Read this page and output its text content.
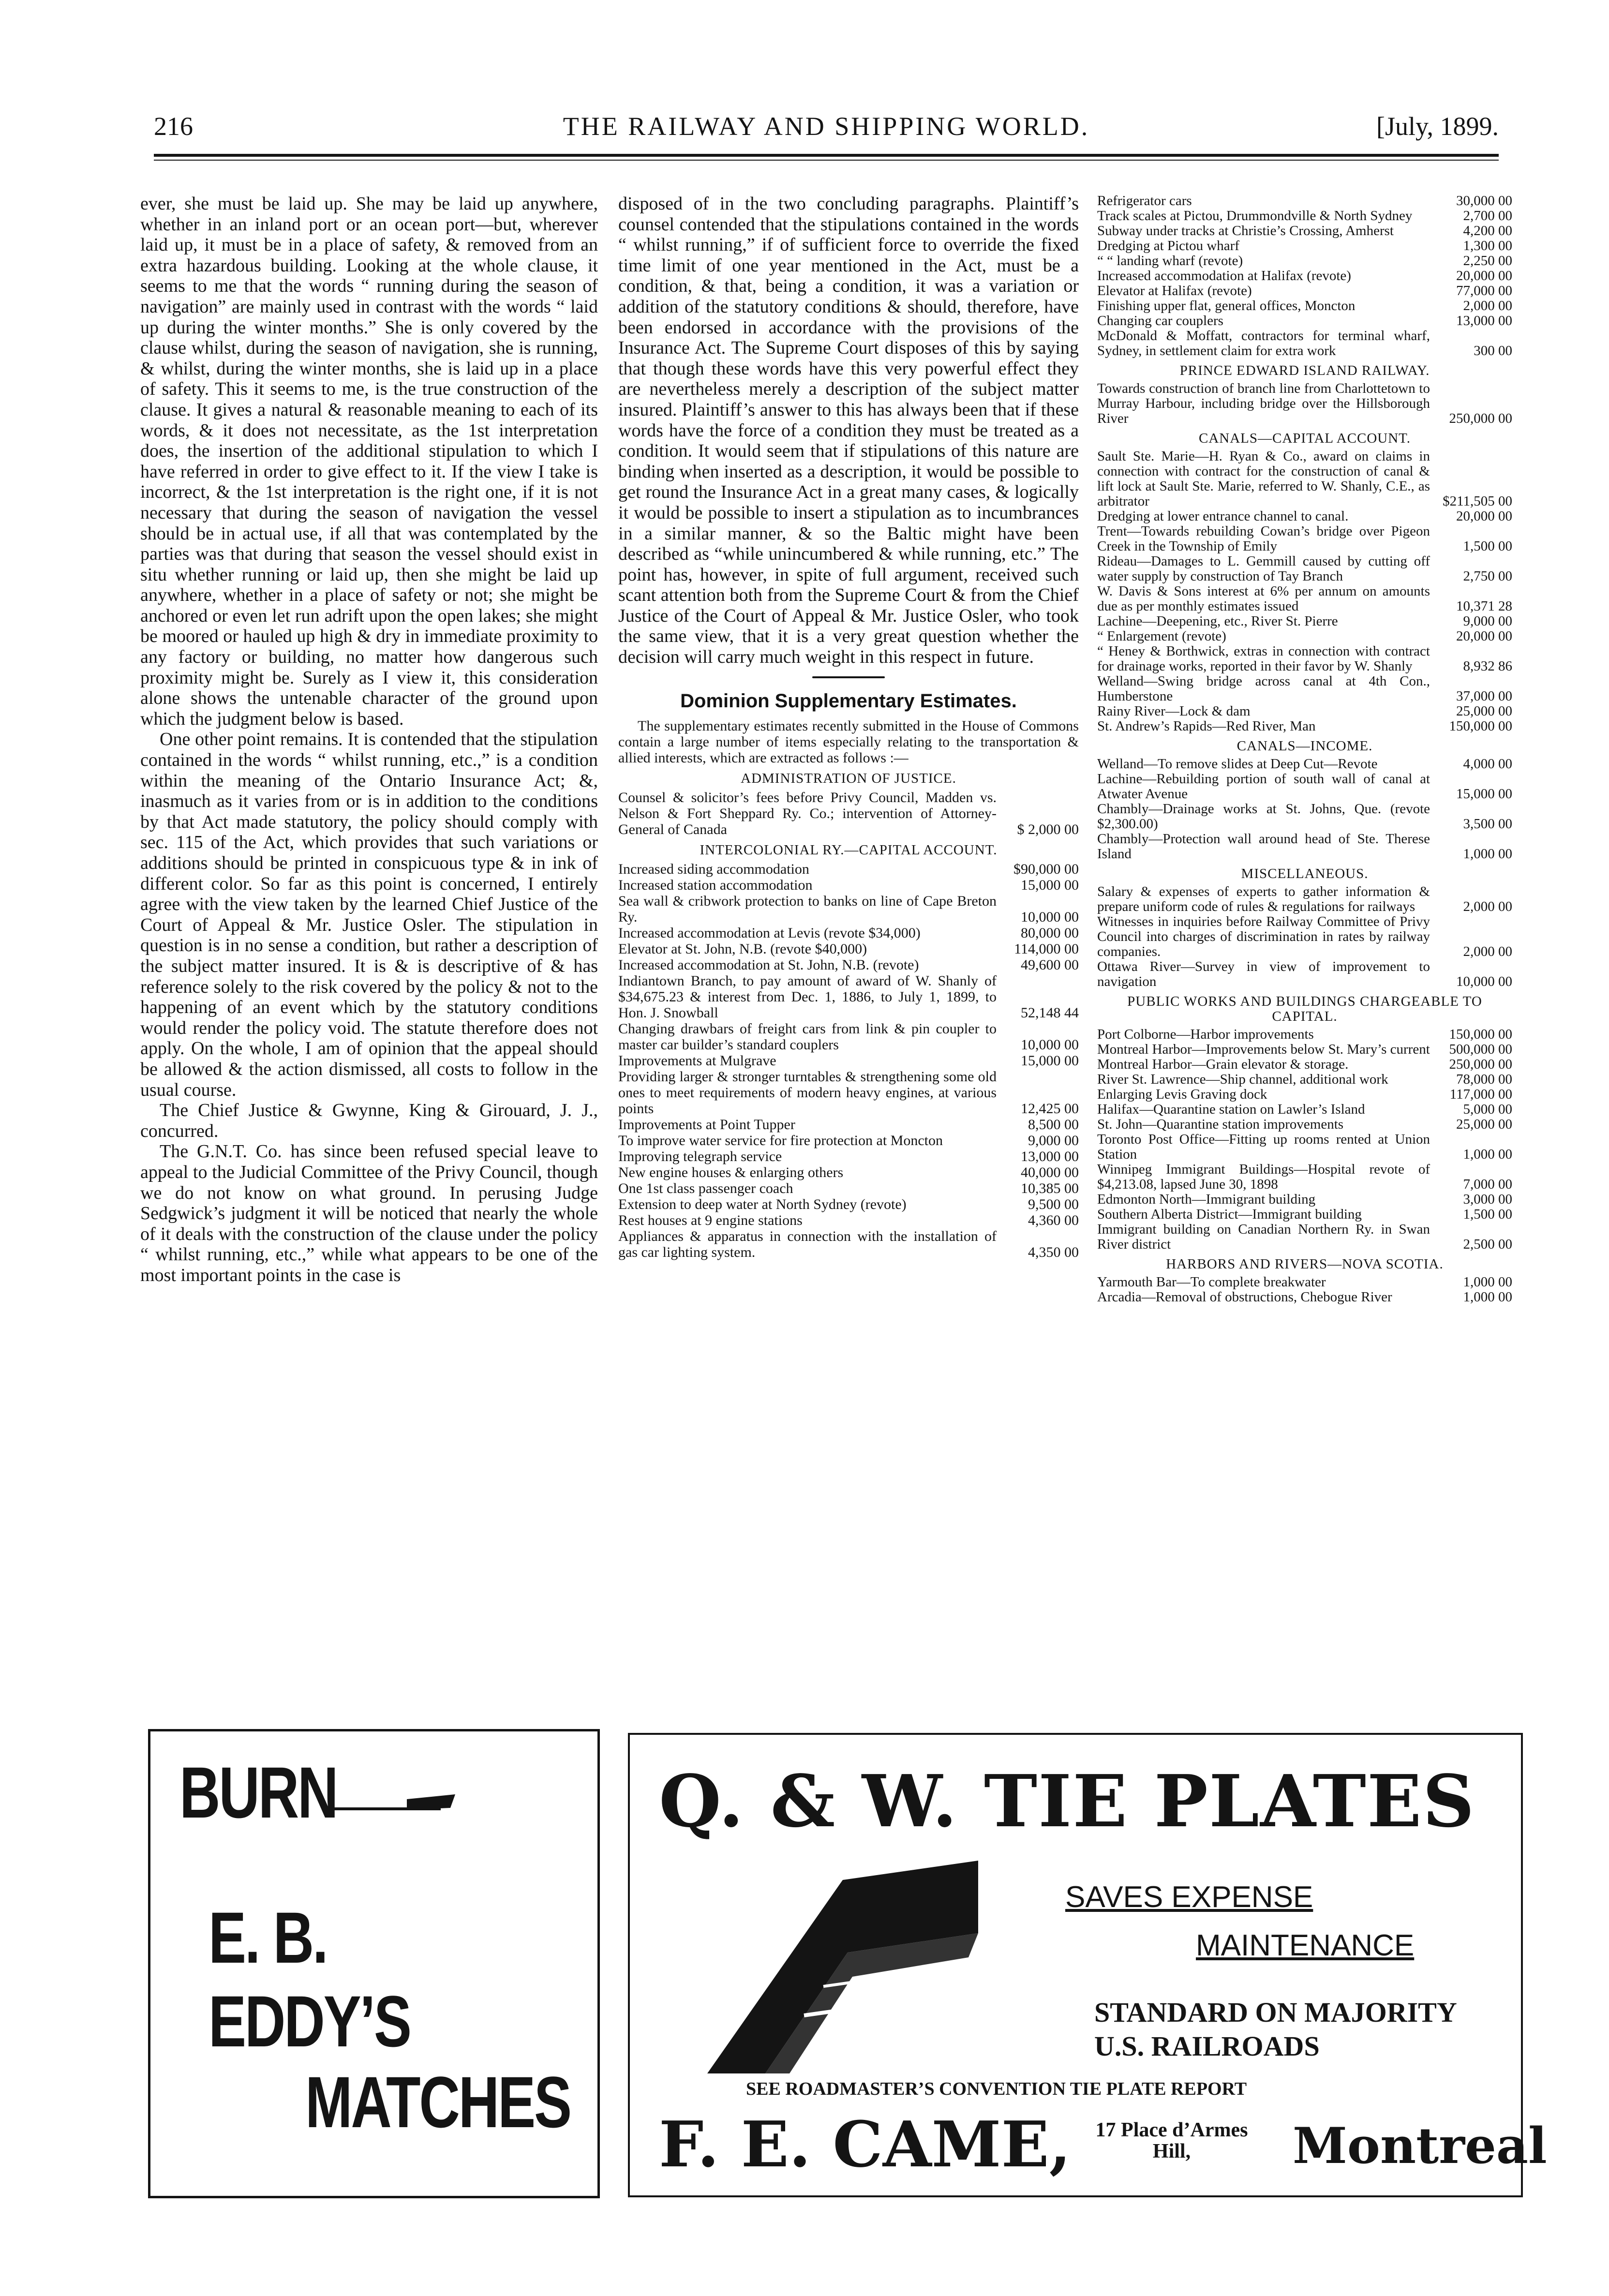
216	THE RAILWAY AND SHIPPING WORLD.	[July, 1899.

ever, she must be laid up. She may be laid up anywhere, whether in an inland port or an ocean port—but, wherever laid up, it must be in a place of safety, & removed from an extra hazardous building. Looking at the whole clause, it seems to me that the words “ running during the season of navigation” are mainly used in contrast with the words “ laid up during the winter months.” She is only covered by the clause whilst, during the season of navigation, she is running, & whilst, during the winter months, she is laid up in a place of safety. This it seems to me, is the true construction of the clause. It gives a natural & reasonable meaning to each of its words, & it does not necessitate, as the 1st interpretation does, the insertion of the additional stipulation to which I have referred in order to give effect to it. If the view I take is incorrect, & the 1st interpretation is the right one, if it is not necessary that during the season of navigation the vessel should be in actual use, if all that was contemplated by the parties was that during that season the vessel should exist in situ whether running or laid up, then she might be laid up anywhere, whether in a place of safety or not; she might be anchored or even let run adrift upon the open lakes; she might be moored or hauled up high & dry in immediate proximity to any factory or building, no matter how dangerous such proximity might be. Surely as I view it, this consideration alone shows the untenable character of the ground upon which the judgment below is based.

One other point remains. It is contended that the stipulation contained in the words “ whilst running, etc.,” is a condition within the meaning of the Ontario Insurance Act; &, inasmuch as it varies from or is in addition to the conditions by that Act made statutory, the policy should comply with sec. 115 of the Act, which provides that such variations or additions should be printed in conspicuous type & in ink of different color. So far as this point is concerned, I entirely agree with the view taken by the learned Chief Justice of the Court of Appeal & Mr. Justice Osler. The stipulation in question is in no sense a condition, but rather a description of the subject matter insured. It is & is descriptive of & has reference solely to the risk covered by the policy & not to the happening of an event which by the statutory conditions would render the policy void. The statute therefore does not apply. On the whole, I am of opinion that the appeal should be allowed & the action dismissed, all costs to follow in the usual course.

The Chief Justice & Gwynne, King & Girouard, J. J., concurred.

The G.N.T. Co. has since been refused special leave to appeal to the Judicial Committee of the Privy Council, though we do not know on what ground. In perusing Judge Sedgwick’s judgment it will be noticed that nearly the whole of it deals with the construction of the clause under the policy “ whilst running, etc.,” while what appears to be one of the most important points in the case is

disposed of in the two concluding paragraphs. Plaintiff’s counsel contended that the stipulations contained in the words “ whilst running,” if of sufficient force to override the fixed time limit of one year mentioned in the Act, must be a condition, & that, being a condition, it was a variation or addition of the statutory conditions & should, therefore, have been endorsed in accordance with the provisions of the Insurance Act. The Supreme Court disposes of this by saying that though these words have this very powerful effect they are nevertheless merely a description of the subject matter insured. Plaintiff’s answer to this has always been that if these words have the force of a condition they must be treated as a condition. It would seem that if stipulations of this nature are binding when inserted as a description, it would be possible to get round the Insurance Act in a great many cases, & logically it would be possible to insert a stipulation as to incumbrances in a similar manner, & so the Baltic might have been described as “while unincumbered & while running, etc.” The point has, however, in spite of full argument, received such scant attention both from the Supreme Court & from the Chief Justice of the Court of Appeal & Mr. Justice Osler, who took the same view, that it is a very great question whether the decision will carry much weight in this respect in future.

Dominion Supplementary Estimates.

The supplementary estimates recently submitted in the House of Commons contain a large number of items especially relating to the transportation & allied interests, which are extracted as follows :—

ADMINISTRATION OF JUSTICE.
Counsel & solicitor’s fees before Privy Council, Madden vs. Nelson & Fort Sheppard Ry. Co.; intervention of Attorney-General of Canada	$ 2,000 00
INTERCOLONIAL RY.—CAPITAL ACCOUNT.
Increased siding accommodation	$90,000 00
Increased station accommodation	15,000 00
Sea wall & cribwork protection to banks on line of Cape Breton Ry.	10,000 00
Increased accommodation at Levis (revote $34,000)	80,000 00
Elevator at St. John, N.B. (revote $40,000)	114,000 00
Increased accommodation at St. John, N.B. (revote)	49,600 00
Indiantown Branch, to pay amount of award of W. Shanly of $34,675.23 & interest from Dec. 1, 1886, to July 1, 1899, to Hon. J. Snowball	52,148 44
Changing drawbars of freight cars from link & pin coupler to master car builder’s standard couplers	10,000 00
Improvements at Mulgrave	15,000 00
Providing larger & stronger turntables & strengthening some old ones to meet requirements of modern heavy engines, at various points	12,425 00
Improvements at Point Tupper	8,500 00
To improve water service for fire protection at Moncton	9,000 00
Improving telegraph service	13,000 00
New engine houses & enlarging others	40,000 00
One 1st class passenger coach	10,385 00
Extension to deep water at North Sydney (revote)	9,500 00
Rest houses at 9 engine stations	4,360 00
Appliances & apparatus in connection with the installation of gas car lighting system.	4,350 00
Refrigerator cars	30,000 00
Track scales at Pictou, Drummondville & North Sydney	2,700 00
Subway under tracks at Christie’s Crossing, Amherst	4,200 00
Dredging at Pictou wharf	1,300 00
“ “ landing wharf (revote)	2,250 00
Increased accommodation at Halifax (revote)	20,000 00
Elevator at Halifax (revote)	77,000 00
Finishing upper flat, general offices, Moncton	2,000 00
Changing car couplers	13,000 00
McDonald & Moffatt, contractors for terminal wharf, Sydney, in settlement claim for extra work	300 00
PRINCE EDWARD ISLAND RAILWAY.
Towards construction of branch line from Charlottetown to Murray Harbour, including bridge over the Hillsborough River	250,000 00
CANALS—CAPITAL ACCOUNT.
Sault Ste. Marie—H. Ryan & Co., award on claims in connection with contract for the construction of canal & lift lock at Sault Ste. Marie, referred to W. Shanly, C.E., as arbitrator	$211,505 00
Dredging at lower entrance channel to canal.	20,000 00
Trent—Towards rebuilding Cowan’s bridge over Pigeon Creek in the Township of Emily	1,500 00
Rideau—Damages to L. Gemmill caused by cutting off water supply by construction of Tay Branch	2,750 00
W. Davis & Sons interest at 6% per annum on amounts due as per monthly estimates issued	10,371 28
Lachine—Deepening, etc., River St. Pierre	9,000 00
“ Enlargement (revote)	20,000 00
“ Heney & Borthwick, extras in connection with contract for drainage works, reported in their favor by W. Shanly	8,932 86
Welland—Swing bridge across canal at 4th Con., Humberstone	37,000 00
Rainy River—Lock & dam	25,000 00
St. Andrew’s Rapids—Red River, Man	150,000 00
CANALS—INCOME.
Welland—To remove slides at Deep Cut—Revote	4,000 00
Lachine—Rebuilding portion of south wall of canal at Atwater Avenue	15,000 00
Chambly—Drainage works at St. Johns, Que. (revote $2,300.00)	3,500 00
Chambly—Protection wall around head of Ste. Therese Island	1,000 00
MISCELLANEOUS.
Salary & expenses of experts to gather information & prepare uniform code of rules & regulations for railways	2,000 00
Witnesses in inquiries before Railway Committee of Privy Council into charges of discrimination in rates by railway companies.	2,000 00
Ottawa River—Survey in view of improvement to navigation	10,000 00
PUBLIC WORKS AND BUILDINGS CHARGEABLE TO CAPITAL.
Port Colborne—Harbor improvements	150,000 00
Montreal Harbor—Improvements below St. Mary’s current	500,000 00
Montreal Harbor—Grain elevator & storage.	250,000 00
River St. Lawrence—Ship channel, additional work	78,000 00
Enlarging Levis Graving dock	117,000 00
Halifax—Quarantine station on Lawler’s Island	5,000 00
St. John—Quarantine station improvements	25,000 00
Toronto Post Office—Fitting up rooms rented at Union Station	1,000 00
Winnipeg Immigrant Buildings—Hospital revote of $4,213.08, lapsed June 30, 1898	7,000 00
Edmonton North—Immigrant building	3,000 00
Southern Alberta District—Immigrant building	1,500 00
Immigrant building on Canadian Northern Ry. in Swan River district	2,500 00
HARBORS AND RIVERS—NOVA SCOTIA.
Yarmouth Bar—To complete breakwater	1,000 00
Arcadia—Removal of obstructions, Chebogue River	1,000 00
BURN
E. B. EDDY’S
MATCHES
Q. & W. TIE PLATES
SAVES EXPENSE
MAINTENANCE
STANDARD ON MAJORITY
U.S. RAILROADS
SEE ROADMASTER’S CONVENTION TIE PLATE REPORT
F. E. CAME,	17 Place d’Armes Hill,	Montreal
